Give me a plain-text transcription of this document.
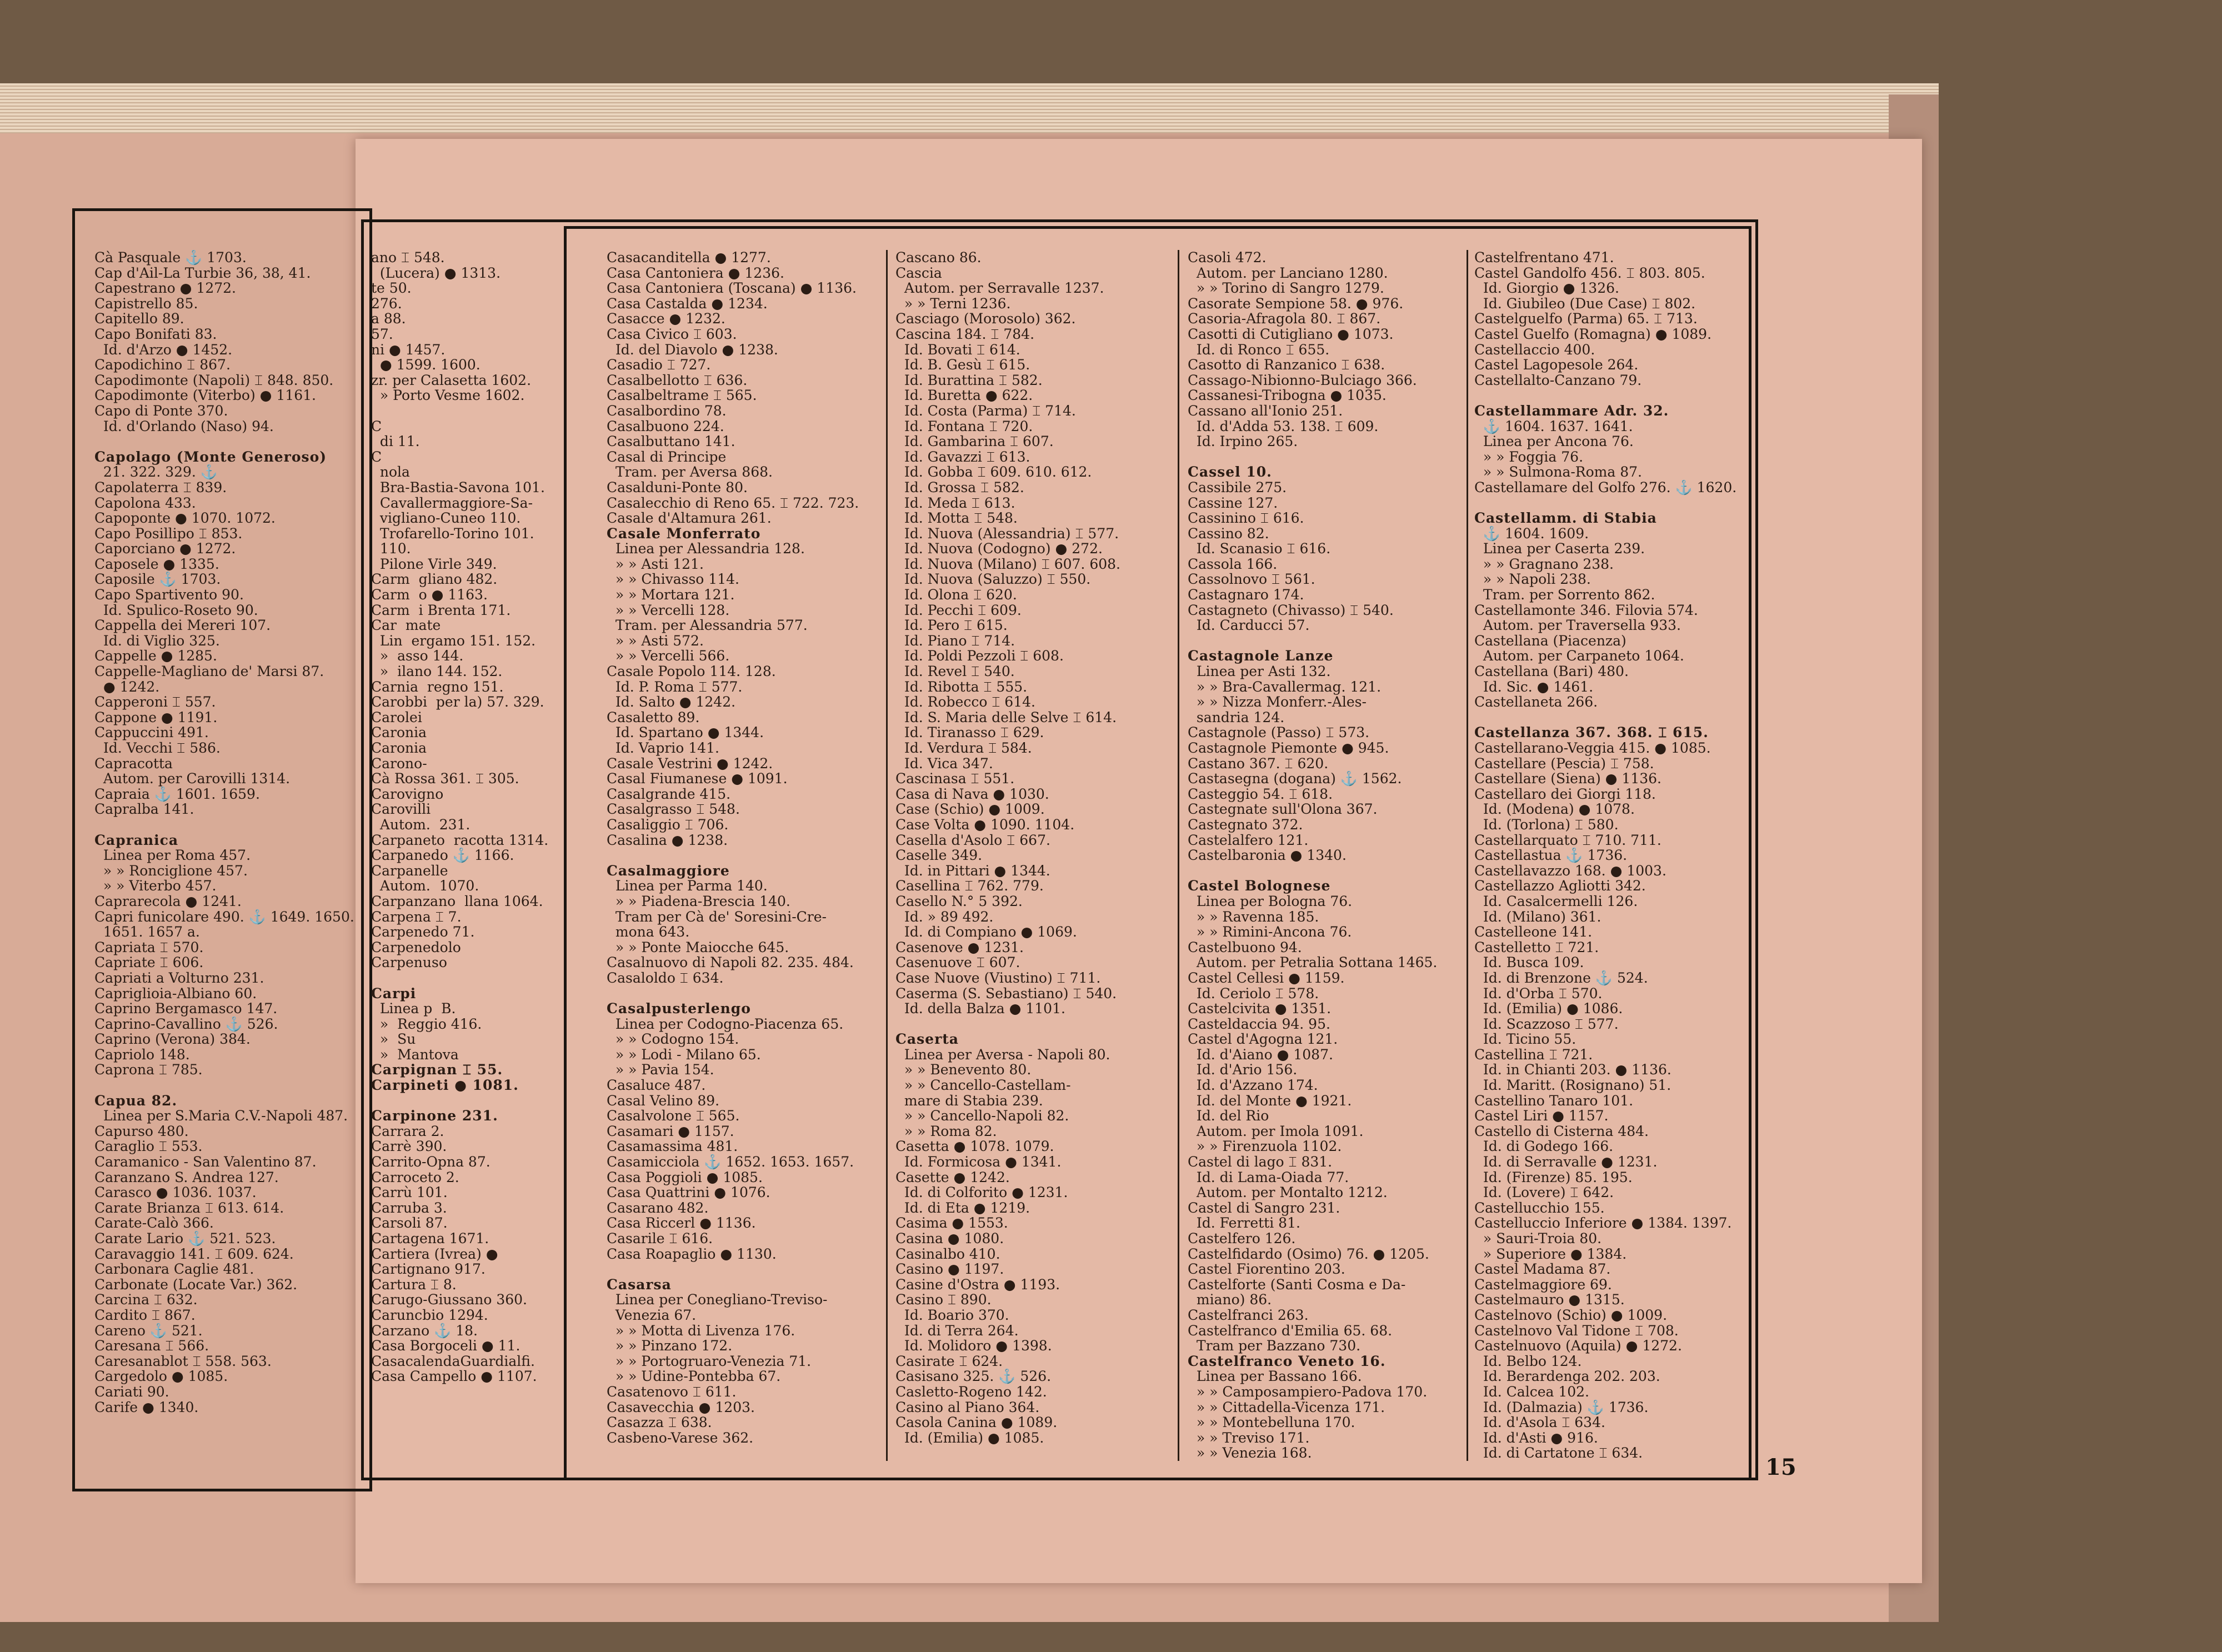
Cà Pasquale ⚓ 1703.
Cap d'Ail-La Turbie 36, 38, 41.
Capestrano ● 1272.
Capistrello 85.
Capitello 89.
Capo Bonifati 83.
Id. d'Arzo ● 1452.
Capodichino ⌶ 867.
Capodimonte (Napoli) ⌶ 848. 850.
Capodimonte (Viterbo) ● 1161.
Capo di Ponte 370.
Id. d'Orlando (Naso) 94.
Capolago (Monte Generoso)
21. 322. 329. ⚓
Capolaterra ⌶ 839.
Capolona 433.
Capoponte ● 1070. 1072.
Capo Posillipo ⌶ 853.
Caporciano ● 1272.
Caposele ● 1335.
Caposile ⚓ 1703.
Capo Spartivento 90.
Id. Spulico-Roseto 90.
Cappella dei Mereri 107.
Id. di Viglio 325.
Cappelle ● 1285.
Cappelle-Magliano de' Marsi 87.
● 1242.
Capperoni ⌶ 557.
Cappone ● 1191.
Cappuccini 491.
Id. Vecchi ⌶ 586.
Capracotta
Autom. per Carovilli 1314.
Capraia ⚓ 1601. 1659.
Capralba 141.
Capranica
Linea per Roma 457.
» » Ronciglione 457.
» » Viterbo 457.
Caprarecola ● 1241.
Capri funicolare 490. ⚓ 1649. 1650.
1651. 1657 a.
Capriata ⌶ 570.
Capriate ⌶ 606.
Capriati a Volturno 231.
Capriglioia-Albiano 60.
Caprino Bergamasco 147.
Caprino-Cavallino ⚓ 526.
Caprino (Verona) 384.
Capriolo 148.
Caprona ⌶ 785.
Capua 82.
Linea per S.Maria C.V.-Napoli 487.
Capurso 480.
Caraglio ⌶ 553.
Caramanico - San Valentino 87.
Caranzano S. Andrea 127.
Carasco ● 1036. 1037.
Carate Brianza ⌶ 613. 614.
Carate-Calò 366.
Carate Lario ⚓ 521. 523.
Caravaggio 141. ⌶ 609. 624.
Carbonara Caglie 481.
Carbonate (Locate Var.) 362.
Carcina ⌶ 632.
Cardito ⌶ 867.
Careno ⚓ 521.
Caresana ⌶ 566.
Caresanablot ⌶ 558. 563.
Cargedolo ● 1085.
Cariati 90.
Carife ● 1340.
ano ⌶ 548.
(Lucera) ● 1313.
te 50.
276.
a 88.
57.
ni ● 1457.
● 1599. 1600.
zr. per Calasetta 1602.
» Porto Vesme 1602.
C
di 11.
C
nola
Bra-Bastia-Savona 101.
Cavallermaggiore-Sa-
vigliano-Cuneo 110.
Trofarello-Torino 101.
110.
Pilone Virle 349.
Carm  gliano 482.
Carm  o ● 1163.
Carm  i Brenta 171.
Car  mate
Lin  ergamo 151. 152.
»  asso 144.
»  ilano 144. 152.
Carnia  regno 151.
Carobbi  per la) 57. 329.
Carolei
Caronia
Caronia
Carono-
Cà Rossa 361. ⌶ 305.
Carovigno
Carovilli
Autom.  231.
Carpaneto  racotta 1314.
Carpanedo ⚓ 1166.
Carpanelle
Autom.  1070.
Carpanzano  llana 1064.
Carpena ⌶ 7.
Carpenedo 71.
Carpenedolo
Carpenuso
Carpi
Linea p  B.
»  Reggio 416.
»  Su
»  Mantova
Carpignan ⌶ 55.
Carpineti ● 1081.
Carpinone 231.
Carrara 2.
Carrè 390.
Carrito-Opna 87.
Carroceto 2.
Carrù 101.
Carruba 3.
Carsoli 87.
Cartagena 1671.
Cartiera (Ivrea) ●
Cartignano 917.
Cartura ⌶ 8.
Carugo-Giussano 360.
Caruncbio 1294.
Carzano ⚓ 18.
Casa Borgoceli ● 11.
CasacalendaGuardialfi.
Casa Campello ● 1107.
Casacanditella ● 1277.
Casa Cantoniera ● 1236.
Casa Cantoniera (Toscana) ● 1136.
Casa Castalda ● 1234.
Casacce ● 1232.
Casa Civico ⌶ 603.
Id. del Diavolo ● 1238.
Casadio ⌶ 727.
Casalbellotto ⌶ 636.
Casalbeltrame ⌶ 565.
Casalbordino 78.
Casalbuono 224.
Casalbuttano 141.
Casal di Principe
Tram. per Aversa 868.
Casalduni-Ponte 80.
Casalecchio di Reno 65. ⌶ 722. 723.
Casale d'Altamura 261.
Casale Monferrato
Linea per Alessandria 128.
» » Asti 121.
» » Chivasso 114.
» » Mortara 121.
» » Vercelli 128.
Tram. per Alessandria 577.
» » Asti 572.
» » Vercelli 566.
Casale Popolo 114. 128.
Id. P. Roma ⌶ 577.
Id. Salto ● 1242.
Casaletto 89.
Id. Spartano ● 1344.
Id. Vaprio 141.
Casale Vestrini ● 1242.
Casal Fiumanese ● 1091.
Casalgrande 415.
Casalgrasso ⌶ 548.
Casaliggio ⌶ 706.
Casalina ● 1238.
Casalmaggiore
Linea per Parma 140.
» » Piadena-Brescia 140.
Tram per Cà de' Soresini-Cre-
mona 643.
» » Ponte Maiocche 645.
Casalnuovo di Napoli 82. 235. 484.
Casaloldo ⌶ 634.
Casalpusterlengo
Linea per Codogno-Piacenza 65.
» » Codogno 154.
» » Lodi - Milano 65.
» » Pavia 154.
Casaluce 487.
Casal Velino 89.
Casalvolone ⌶ 565.
Casamari ● 1157.
Casamassima 481.
Casamicciola ⚓ 1652. 1653. 1657.
Casa Poggioli ● 1085.
Casa Quattrini ● 1076.
Casarano 482.
Casa Riccerl ● 1136.
Casarile ⌶ 616.
Casa Roapaglio ● 1130.
Casarsa
Linea per Conegliano-Treviso-
Venezia 67.
» » Motta di Livenza 176.
» » Pinzano 172.
» » Portogruaro-Venezia 71.
» » Udine-Pontebba 67.
Casatenovo ⌶ 611.
Casavecchia ● 1203.
Casazza ⌶ 638.
Casbeno-Varese 362.
Cascano 86.
Cascia
Autom. per Serravalle 1237.
» » Terni 1236.
Casciago (Morosolo) 362.
Cascina 184. ⌶ 784.
Id. Bovati ⌶ 614.
Id. B. Gesù ⌶ 615.
Id. Burattina ⌶ 582.
Id. Buretta ● 622.
Id. Costa (Parma) ⌶ 714.
Id. Fontana ⌶ 720.
Id. Gambarina ⌶ 607.
Id. Gavazzi ⌶ 613.
Id. Gobba ⌶ 609. 610. 612.
Id. Grossa ⌶ 582.
Id. Meda ⌶ 613.
Id. Motta ⌶ 548.
Id. Nuova (Alessandria) ⌶ 577.
Id. Nuova (Codogno) ● 272.
Id. Nuova (Milano) ⌶ 607. 608.
Id. Nuova (Saluzzo) ⌶ 550.
Id. Olona ⌶ 620.
Id. Pecchi ⌶ 609.
Id. Pero ⌶ 615.
Id. Piano ⌶ 714.
Id. Poldi Pezzoli ⌶ 608.
Id. Revel ⌶ 540.
Id. Ribotta ⌶ 555.
Id. Robecco ⌶ 614.
Id. S. Maria delle Selve ⌶ 614.
Id. Tiranasso ⌶ 629.
Id. Verdura ⌶ 584.
Id. Vica 347.
Cascinasa ⌶ 551.
Casa di Nava ● 1030.
Case (Schio) ● 1009.
Case Volta ● 1090. 1104.
Casella d'Asolo ⌶ 667.
Caselle 349.
Id. in Pittari ● 1344.
Casellina ⌶ 762. 779.
Casello N.° 5 392.
Id. » 89 492.
Id. di Compiano ● 1069.
Casenove ● 1231.
Casenuove ⌶ 607.
Case Nuove (Viustino) ⌶ 711.
Caserma (S. Sebastiano) ⌶ 540.
Id. della Balza ● 1101.
Caserta
Linea per Aversa - Napoli 80.
» » Benevento 80.
» » Cancello-Castellam-
mare di Stabia 239.
» » Cancello-Napoli 82.
» » Roma 82.
Casetta ● 1078. 1079.
Id. Formicosa ● 1341.
Casette ● 1242.
Id. di Colforito ● 1231.
Id. di Eta ● 1219.
Casima ● 1553.
Casina ● 1080.
Casinalbo 410.
Casino ● 1197.
Casine d'Ostra ● 1193.
Casino ⌶ 890.
Id. Boario 370.
Id. di Terra 264.
Id. Molidoro ● 1398.
Casirate ⌶ 624.
Casisano 325. ⚓ 526.
Casletto-Rogeno 142.
Casino al Piano 364.
Casola Canina ● 1089.
Id. (Emilia) ● 1085.
Casoli 472.
Autom. per Lanciano 1280.
» » Torino di Sangro 1279.
Casorate Sempione 58. ● 976.
Casoria-Afragola 80. ⌶ 867.
Casotti di Cutigliano ● 1073.
Id. di Ronco ⌶ 655.
Casotto di Ranzanico ⌶ 638.
Cassago-Nibionno-Bulciago 366.
Cassanesi-Tribogna ● 1035.
Cassano all'Ionio 251.
Id. d'Adda 53. 138. ⌶ 609.
Id. Irpino 265.
Cassel 10.
Cassibile 275.
Cassine 127.
Cassinino ⌶ 616.
Cassino 82.
Id. Scanasio ⌶ 616.
Cassola 166.
Cassolnovo ⌶ 561.
Castagnaro 174.
Castagneto (Chivasso) ⌶ 540.
Id. Carducci 57.
Castagnole Lanze
Linea per Asti 132.
» » Bra-Cavallermag. 121.
» » Nizza Monferr.-Ales-
sandria 124.
Castagnole (Passo) ⌶ 573.
Castagnole Piemonte ● 945.
Castano 367. ⌶ 620.
Castasegna (dogana) ⚓ 1562.
Casteggio 54. ⌶ 618.
Castegnate sull'Olona 367.
Castegnato 372.
Castelalfero 121.
Castelbaronia ● 1340.
Castel Bolognese
Linea per Bologna 76.
» » Ravenna 185.
» » Rimini-Ancona 76.
Castelbuono 94.
Autom. per Petralia Sottana 1465.
Castel Cellesi ● 1159.
Id. Ceriolo ⌶ 578.
Castelcivita ● 1351.
Casteldaccia 94. 95.
Castel d'Agogna 121.
Id. d'Aiano ● 1087.
Id. d'Ario 156.
Id. d'Azzano 174.
Id. del Monte ● 1921.
Id. del Rio
Autom. per Imola 1091.
» » Firenzuola 1102.
Castel di lago ⌶ 831.
Id. di Lama-Oiada 77.
Autom. per Montalto 1212.
Castel di Sangro 231.
Id. Ferretti 81.
Castelfero 126.
Castelfidardo (Osimo) 76. ● 1205.
Castel Fiorentino 203.
Castelforte (Santi Cosma e Da-
miano) 86.
Castelfranci 263.
Castelfranco d'Emilia 65. 68.
Tram per Bazzano 730.
Castelfranco Veneto 16.
Linea per Bassano 166.
» » Camposampiero-Padova 170.
» » Cittadella-Vicenza 171.
» » Montebelluna 170.
» » Treviso 171.
» » Venezia 168.
Castelfrentano 471.
Castel Gandolfo 456. ⌶ 803. 805.
Id. Giorgio ● 1326.
Id. Giubileo (Due Case) ⌶ 802.
Castelguelfo (Parma) 65. ⌶ 713.
Castel Guelfo (Romagna) ● 1089.
Castellaccio 400.
Castel Lagopesole 264.
Castellalto-Canzano 79.
Castellammare Adr. 32.
⚓ 1604. 1637. 1641.
Linea per Ancona 76.
» » Foggia 76.
» » Sulmona-Roma 87.
Castellamare del Golfo 276. ⚓ 1620.
Castellamm. di Stabia
⚓ 1604. 1609.
Linea per Caserta 239.
» » Gragnano 238.
» » Napoli 238.
Tram. per Sorrento 862.
Castellamonte 346. Filovia 574.
Autom. per Traversella 933.
Castellana (Piacenza)
Autom. per Carpaneto 1064.
Castellana (Bari) 480.
Id. Sic. ● 1461.
Castellaneta 266.
Castellanza 367. 368. ⌶ 615.
Castellarano-Veggia 415. ● 1085.
Castellare (Pescia) ⌶ 758.
Castellare (Siena) ● 1136.
Castellaro dei Giorgi 118.
Id. (Modena) ● 1078.
Id. (Torlona) ⌶ 580.
Castellarquato ⌶ 710. 711.
Castellastua ⚓ 1736.
Castellavazzo 168. ● 1003.
Castellazzo Agliotti 342.
Id. Casalcermelli 126.
Id. (Milano) 361.
Castelleone 141.
Castelletto ⌶ 721.
Id. Busca 109.
Id. di Brenzone ⚓ 524.
Id. d'Orba ⌶ 570.
Id. (Emilia) ● 1086.
Id. Scazzoso ⌶ 577.
Id. Ticino 55.
Castellina ⌶ 721.
Id. in Chianti 203. ● 1136.
Id. Maritt. (Rosignano) 51.
Castellino Tanaro 101.
Castel Liri ● 1157.
Castello di Cisterna 484.
Id. di Godego 166.
Id. di Serravalle ● 1231.
Id. (Firenze) 85. 195.
Id. (Lovere) ⌶ 642.
Castellucchio 155.
Castelluccio Inferiore ● 1384. 1397.
» Sauri-Troia 80.
» Superiore ● 1384.
Castel Madama 87.
Castelmaggiore 69.
Castelmauro ● 1315.
Castelnovo (Schio) ● 1009.
Castelnovo Val Tidone ⌶ 708.
Castelnuovo (Aquila) ● 1272.
Id. Belbo 124.
Id. Berardenga 202. 203.
Id. Calcea 102.
Id. (Dalmazia) ⚓ 1736.
Id. d'Asola ⌶ 634.
Id. d'Asti ● 916.
Id. di Cartatone ⌶ 634.
15
